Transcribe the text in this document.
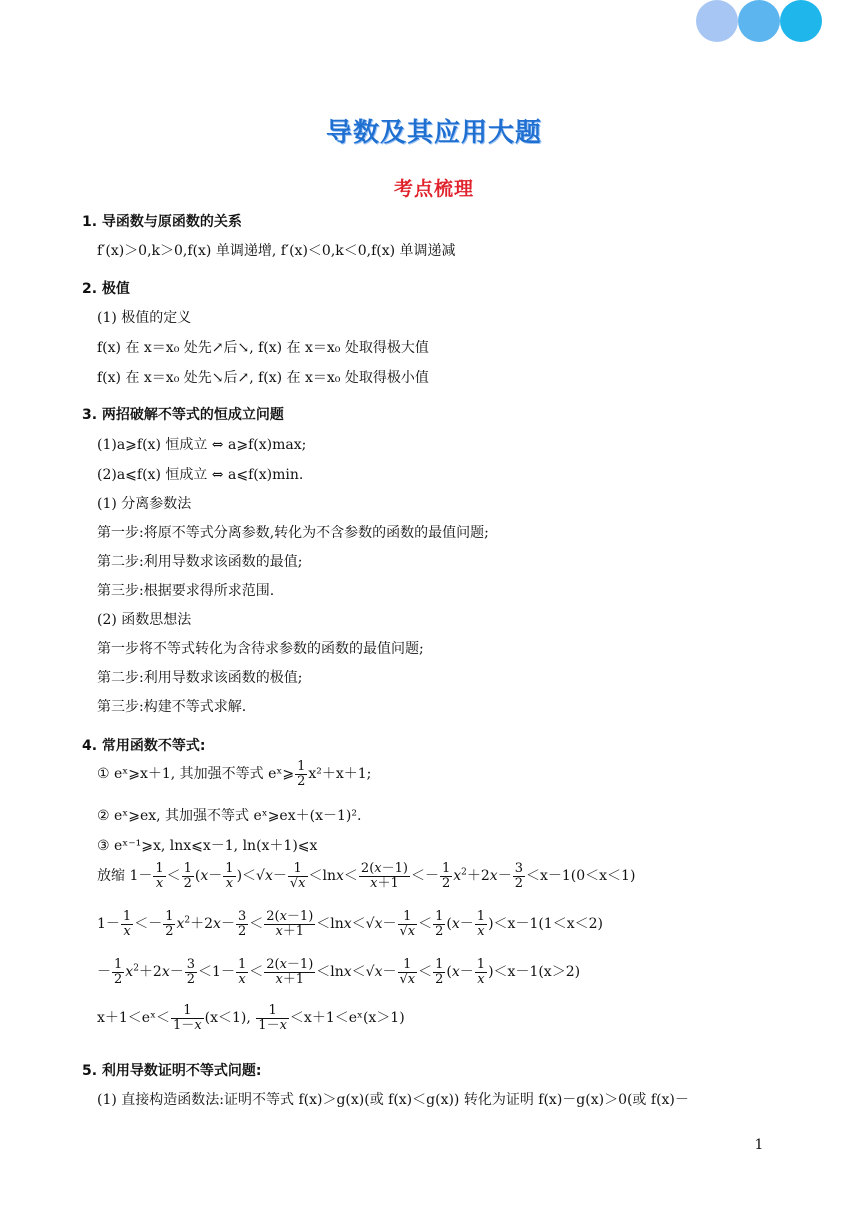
导数及其应用大题
考点梳理
1. 导函数与原函数的关系
f′(x)＞0,k＞0,f(x) 单调递增, f′(x)＜0,k＜0,f(x) 单调递减
2. 极值
(1) 极值的定义
f(x) 在 x＝x₀ 处先↗后↘, f(x) 在 x＝x₀ 处取得极大值
f(x) 在 x＝x₀ 处先↘后↗, f(x) 在 x＝x₀ 处取得极小值
3. 两招破解不等式的恒成立问题
(1)a⩾f(x) 恒成立 ⇔ a⩾f(x)max;
(2)a⩽f(x) 恒成立 ⇔ a⩽f(x)min.
(1) 分离参数法
第一步:将原不等式分离参数,转化为不含参数的函数的最值问题;
第二步:利用导数求该函数的最值;
第三步:根据要求得所求范围.
(2) 函数思想法
第一步将不等式转化为含待求参数的函数的最值问题;
第二步:利用导数求该函数的极值;
第三步:构建不等式求解.
4. 常用函数不等式:
① eˣ⩾x＋1, 其加强不等式 eˣ⩾ $\frac{1}{2} x^2+x+1$;
② eˣ⩾ex, 其加强不等式 eˣ⩾ex＋(x－1)².
③ eˣ⁻¹⩾x, lnx⩽x－1, ln(x＋1)⩽x
放缩 $1- \frac{1}{x} < \frac{1}{2} (x- \frac{1}{x} )<√x- \frac{1}{√x} <\ln x< \frac{2(x-1)}{x+1} <- \frac{1}{2} x^2+2x- \frac{3}{2} <x-1(0<x<1)$
$1- \frac{1}{x} <- \frac{1}{2} x^2+2x- \frac{3}{2} < \frac{2(x-1)}{x+1} <\ln x<√x- \frac{1}{√x} < \frac{1}{2} (x- \frac{1}{x} )<x-1(1<x<2)$
－ $\frac{1}{2} x^2+2x- \frac{3}{2} <1- \frac{1}{x} < \frac{2(x-1)}{x+1} <\ln x<√x- \frac{1}{√x} < \frac{1}{2} (x- \frac{1}{x} )<x-1(x>2)$
x＋1＜eˣ＜ $\frac{1}{1-x} (x<1)$, $\frac{1}{1-x}$ ＜x＋1＜eˣ(x＞1)
5. 利用导数证明不等式问题:
(1) 直接构造函数法:证明不等式 f(x)＞g(x)(或 f(x)＜g(x)) 转化为证明 f(x)－g(x)＞0(或 f(x)－
1
